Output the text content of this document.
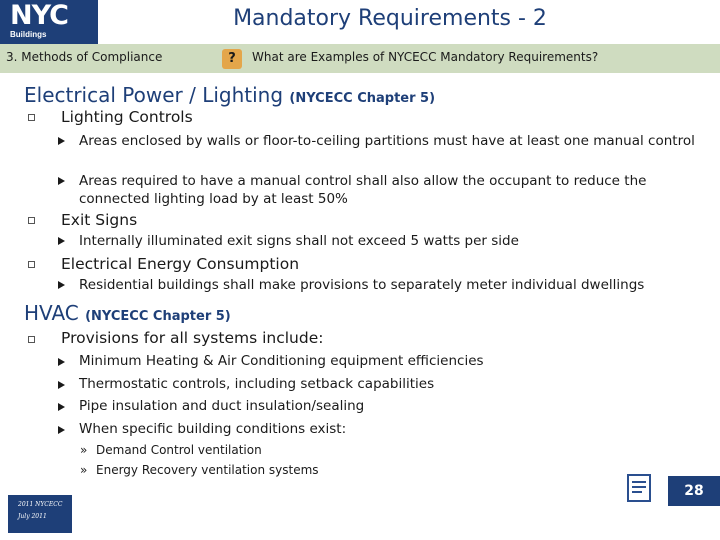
NYC
Buildings
Mandatory Requirements - 2
3. Methods of Compliance	?	What are Examples of NYCECC Mandatory Requirements?
Electrical Power / Lighting (NYCECC Chapter 5)
Lighting Controls
Areas enclosed by walls or floor-to-ceiling partitions must have at least one manual control
Areas required to have a manual control shall also allow the occupant to reduce the connected lighting load by at least 50%
Exit Signs
Internally illuminated exit signs shall not exceed 5 watts per side
Electrical Energy Consumption
Residential buildings shall make provisions to separately meter individual dwellings
HVAC (NYCECC Chapter 5)
Provisions for all systems include:
Minimum Heating & Air Conditioning equipment efficiencies
Thermostatic controls, including setback capabilities
Pipe insulation and duct insulation/sealing
When specific building conditions exist:
» Demand Control ventilation
» Energy Recovery ventilation systems
2011 NYCECC
July 2011
28
